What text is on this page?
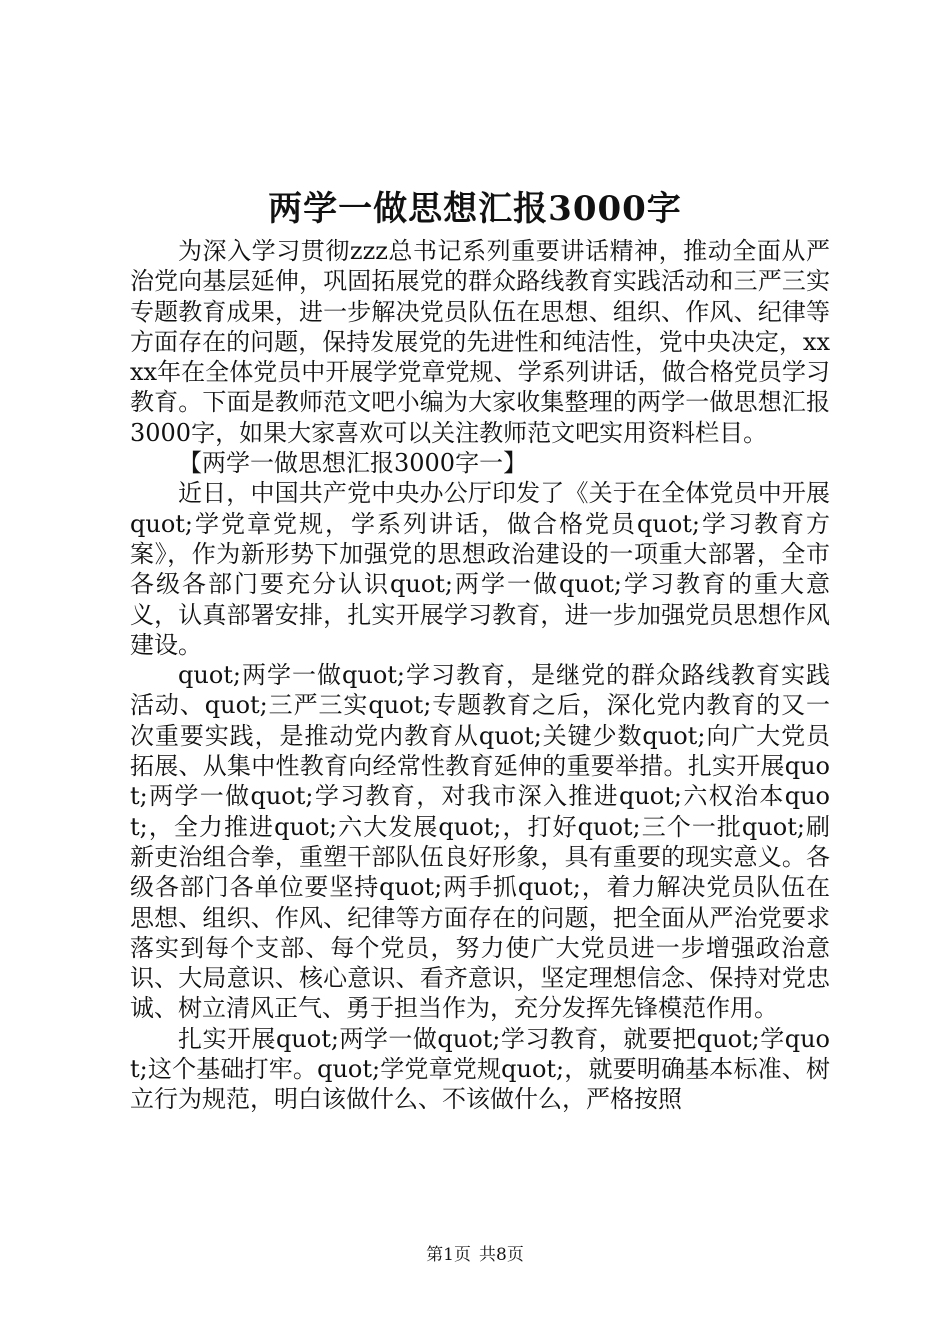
两学一做思想汇报3000字

为深入学习贯彻zzz总书记系列重要讲话精神，推动全面从严治党向基层延伸，巩固拓展党的群众路线教育实践活动和三严三实专题教育成果，进一步解决党员队伍在思想、组织、作风、纪律等方面存在的问题，保持发展党的先进性和纯洁性，党中央决定，xxxx年在全体党员中开展学党章党规、学系列讲话，做合格党员学习教育。下面是教师范文吧小编为大家收集整理的两学一做思想汇报3000字，如果大家喜欢可以关注教师范文吧实用资料栏目。

【两学一做思想汇报3000字一】

近日，中国共产党中央办公厅印发了《关于在全体党员中开展quot;学党章党规，学系列讲话，做合格党员quot;学习教育方案》，作为新形势下加强党的思想政治建设的一项重大部署，全市各级各部门要充分认识quot;两学一做quot;学习教育的重大意义，认真部署安排，扎实开展学习教育，进一步加强党员思想作风建设。

quot;两学一做quot;学习教育，是继党的群众路线教育实践活动、quot;三严三实quot;专题教育之后，深化党内教育的又一次重要实践，是推动党内教育从quot;关键少数quot;向广大党员拓展、从集中性教育向经常性教育延伸的重要举措。扎实开展quot;两学一做quot;学习教育，对我市深入推进quot;六权治本quot;，全力推进quot;六大发展quot;，打好quot;三个一批quot;刷新吏治组合拳，重塑干部队伍良好形象，具有重要的现实意义。各级各部门各单位要坚持quot;两手抓quot;，着力解决党员队伍在思想、组织、作风、纪律等方面存在的问题，把全面从严治党要求落实到每个支部、每个党员，努力使广大党员进一步增强政治意识、大局意识、核心意识、看齐意识，坚定理想信念、保持对党忠诚、树立清风正气、勇于担当作为，充分发挥先锋模范作用。

扎实开展quot;两学一做quot;学习教育，就要把quot;学quot;这个基础打牢。quot;学党章党规quot;，就要明确基本标准、树立行为规范，明白该做什么、不该做什么，严格按照

第1页 共8页
